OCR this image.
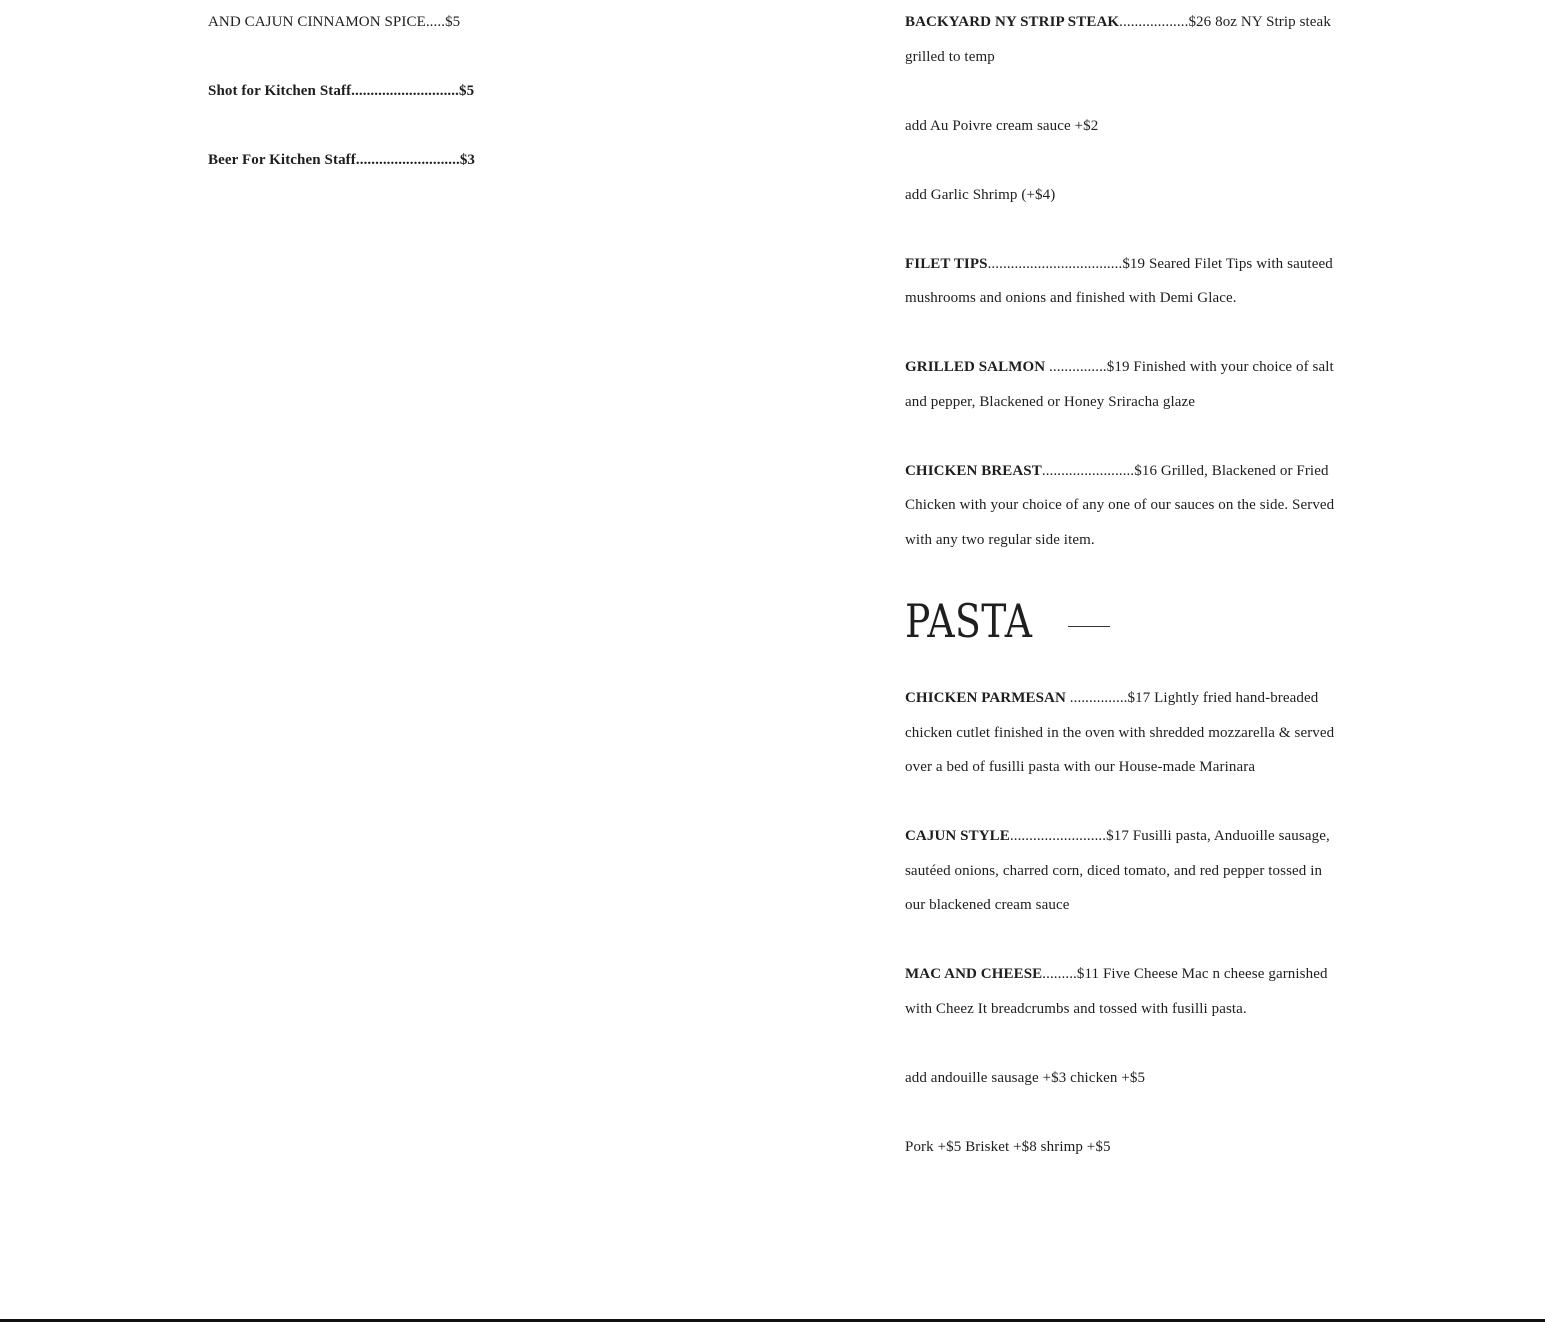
AND CAJUN CINNAMON SPICE.....$5

Shot for Kitchen Staff............................$5

Beer For Kitchen Staff...........................$3

BACKYARD NY STRIP STEAK..................$26 8oz NY Strip steak grilled to temp

add Au Poivre cream sauce +$2

add Garlic Shrimp (+$4)

FILET TIPS...................................$19 Seared Filet Tips with sauteed mushrooms and onions and finished with Demi Glace.

GRILLED SALMON ...............$19 Finished with your choice of salt and pepper, Blackened or Honey Sriracha glaze

CHICKEN BREAST........................$16 Grilled, Blackened or Fried Chicken with your choice of any one of our sauces on the side. Served with any two regular side item.

PASTA

CHICKEN PARMESAN ...............$17 Lightly fried hand-breaded chicken cutlet finished in the oven with shredded mozzarella & served over a bed of fusilli pasta with our House-made Marinara

CAJUN STYLE.........................$17 Fusilli pasta, Anduoille sausage, sautéed onions, charred corn, diced tomato, and red pepper tossed in our blackened cream sauce

MAC AND CHEESE.........$11 Five Cheese Mac n cheese garnished with Cheez It breadcrumbs and tossed with fusilli pasta.

add andouille sausage +$3 chicken +$5

Pork +$5 Brisket +$8 shrimp +$5
